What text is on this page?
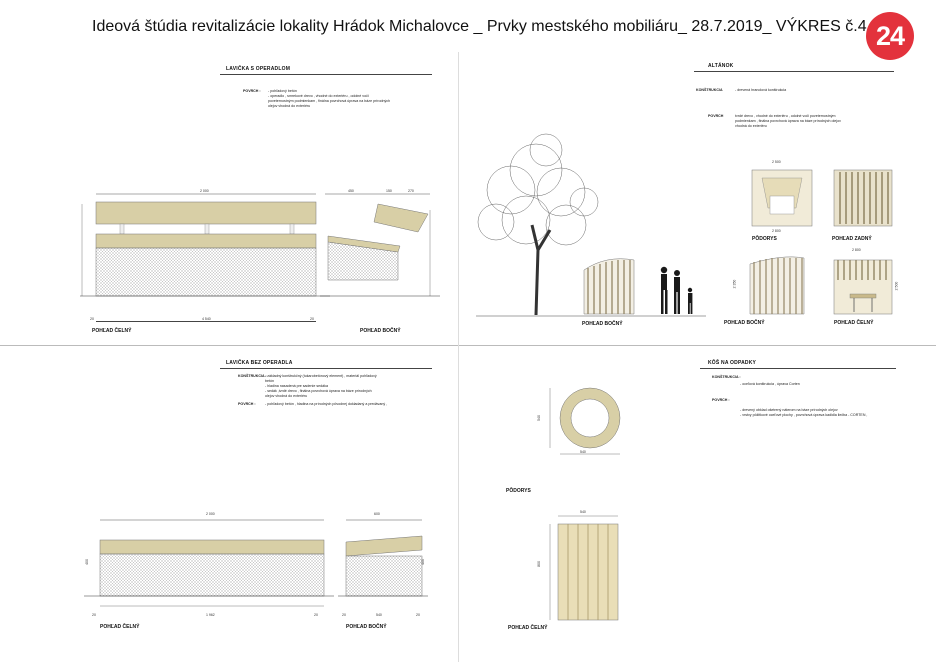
Ideová štúdia revitalizácie lokality Hrádok Michalovce _ Prvky mestského mobiliáru_ 28.7.2019_ VÝKRES č.4 24
LAVIČKA S OPERADLOM
POVRCH : - pohľadový betón
- operadlo , smrekové drevo , vhodné do exteriéru , odolné voči
poveternostným podmienkam , finálna povrchová úprava na báze prírodných
olejov vhodná do exteriéru
2 000
4 540
20	20
450	150	270
POHĽAD ČELNÝ	POHĽAD BOČNÝ
ALTÁNOK
KONŠTRUKCIA	- drevená hranolová konštrukcia
POVRCH	tvrdé drevo , vhodné do exteriéru , odolné voči poveternostným
podmienkam , finálna povrchová úprava na báze prírodných olejov
vhodná do exteriéru
POHĽAD BOČNÝ
2 500
2 800
PÔDORYS	POHĽAD ZADNÝ
2 350
POHĽAD BOČNÝ
2 800
2 500
POHĽAD ČELNÝ
LAVIČKA BEZ OPERADLA
KONŠTRUKCIA :
- základný konštrukčný (tukarobetónový element) , materiál pohľadový
betón
- hladina nasadená pre sadenie sedáka
- sedák ,tvrdé drevo , finálna povrchová úprava na báze prírodných
olejov vhodná do exteriéru
POVRCH :	- pohľadový betón , hladina na prírodných pôvodnej dokladaný a predávaný ,
2 000
1 962
20	20
400
600
540
20	20
400
POHĽAD ČELNÝ	POHĽAD BOČNÝ
KÔŠ NA ODPADKY
KONŠTRUKCIA :
- oceľová konštrukcia , úprava Corten
POVRCH :
- drevený obklad ošetrený náterom na báze prírodných olejov
- vrstvy pôžitkové oceľové plochy , povrchová úprava kadidla liečba - CORTEN ,
540
540
PÔDORYS
540
800
POHĽAD ČELNÝ
